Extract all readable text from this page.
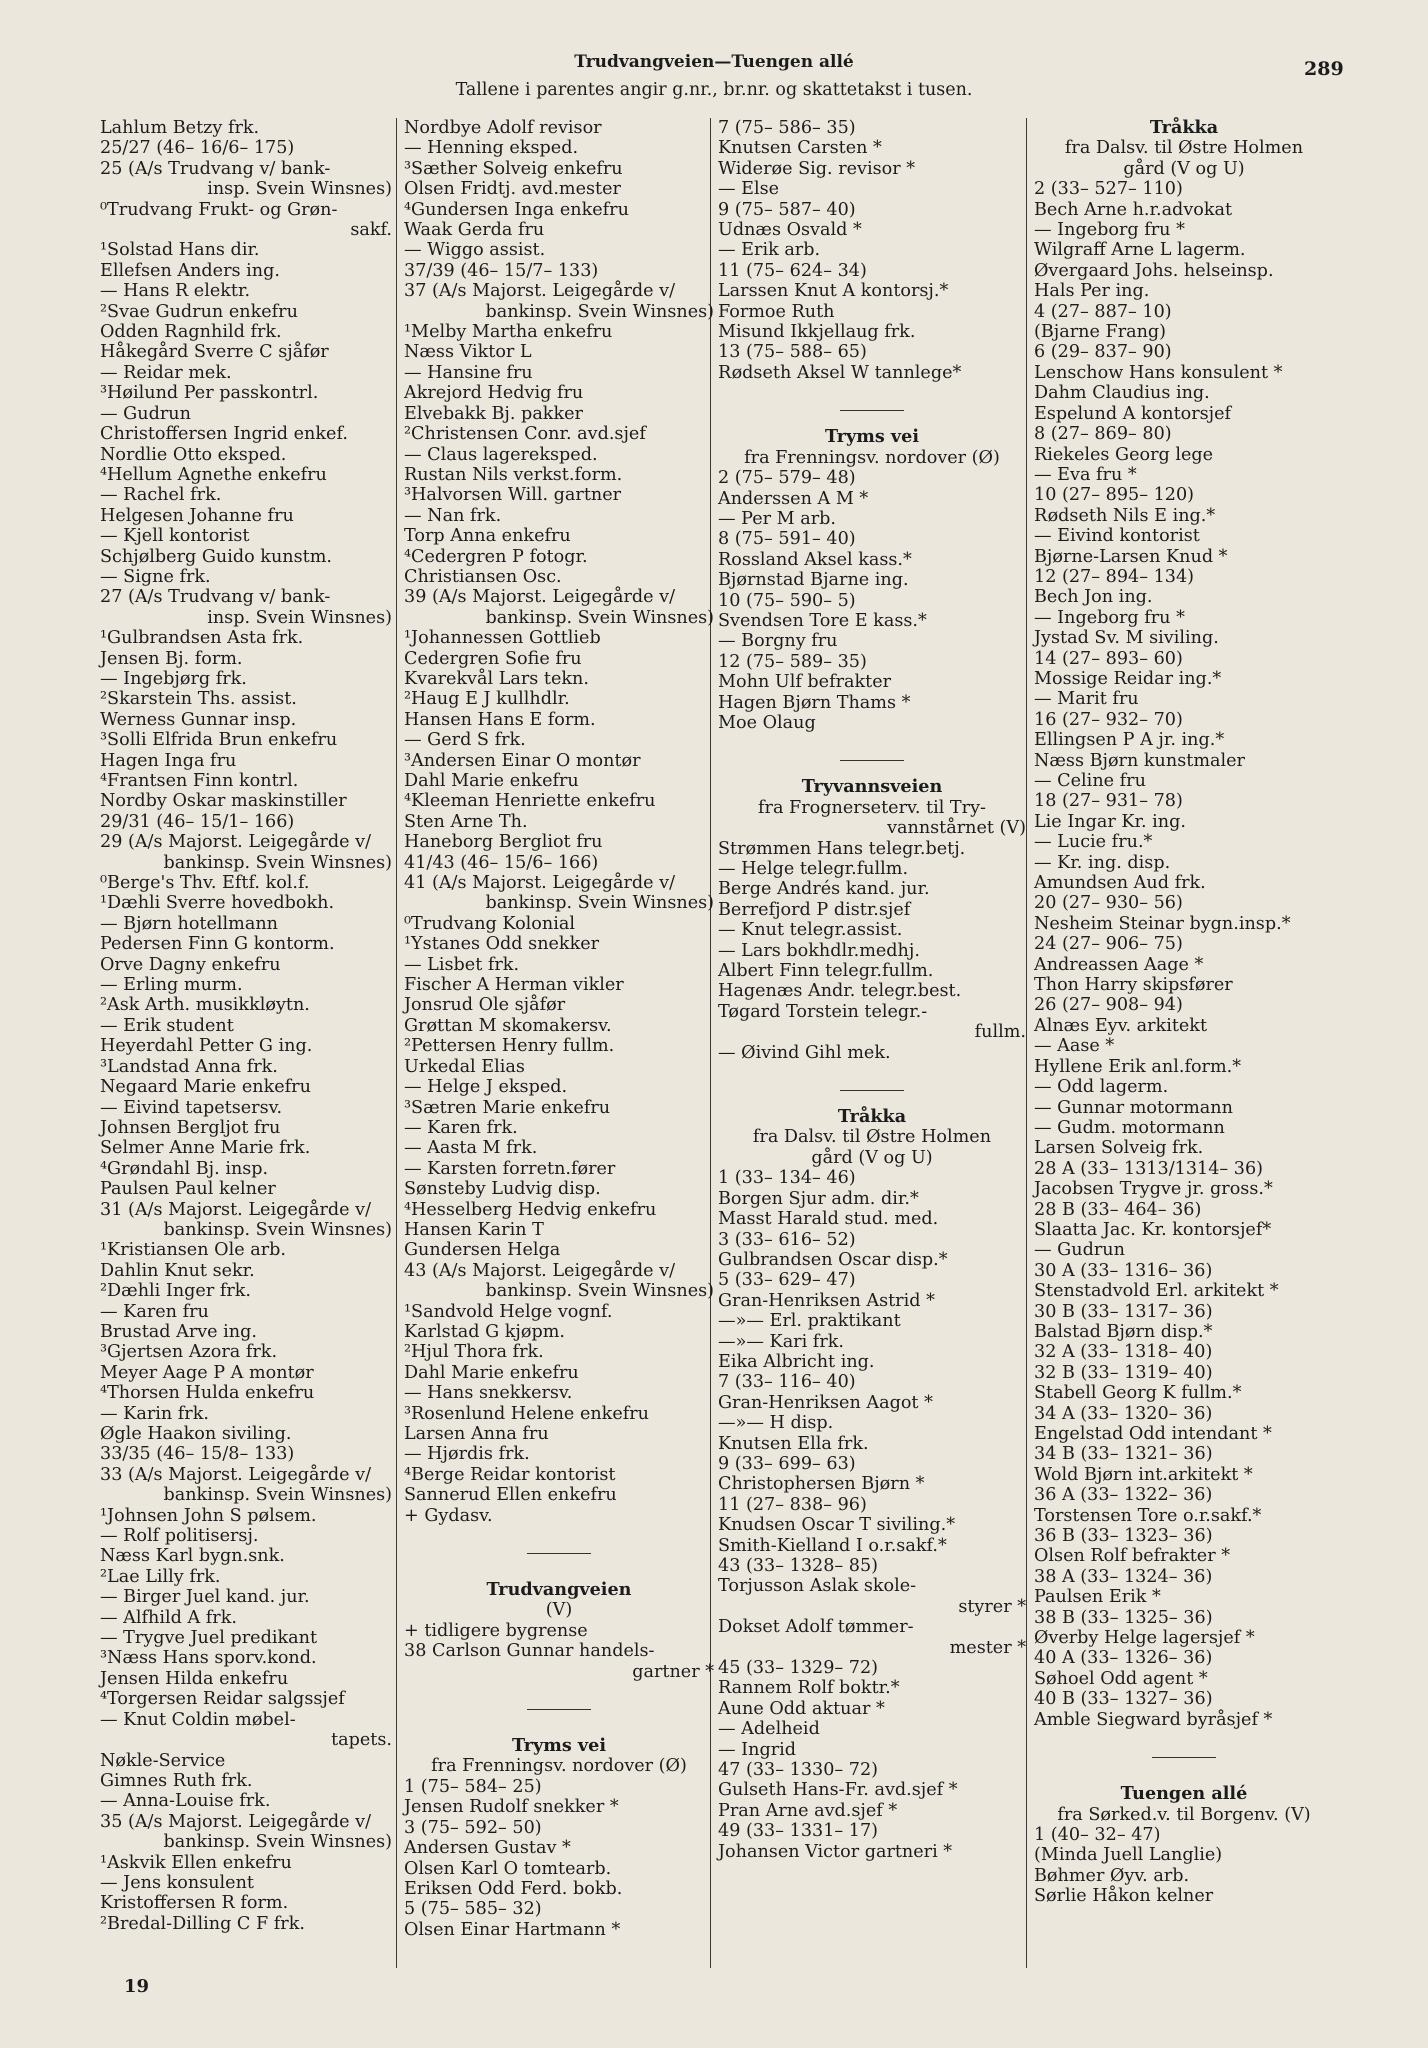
Trudvangveien—Tuengen allé
Tallene i parentes angir g.nr., br.nr. og skattetakst i tusen.
289
Lahlum Betzy frk.
25/27 (46– 16/6– 175)
25 (A/s Trudvang v/ bank-
insp. Svein Winsnes)
⁰Trudvang Frukt- og Grøn-
sakf.
¹Solstad Hans dir.
Ellefsen Anders ing.
— Hans R elektr.
²Svae Gudrun enkefru
Odden Ragnhild frk.
Håkegård Sverre C sjåfør
— Reidar mek.
³Høilund Per passkontrl.
— Gudrun
Christoffersen Ingrid enkef.
Nordlie Otto eksped.
⁴Hellum Agnethe enkefru
— Rachel frk.
Helgesen Johanne fru
— Kjell kontorist
Schjølberg Guido kunstm.
— Signe frk.
27 (A/s Trudvang v/ bank-
insp. Svein Winsnes)
¹Gulbrandsen Asta frk.
Jensen Bj. form.
— Ingebjørg frk.
²Skarstein Ths. assist.
Werness Gunnar insp.
³Solli Elfrida Brun enkefru
Hagen Inga fru
⁴Frantsen Finn kontrl.
Nordby Oskar maskinstiller
29/31 (46– 15/1– 166)
29 (A/s Majorst. Leigegårde v/
bankinsp. Svein Winsnes)
⁰Berge's Thv. Eftf. kol.f.
¹Dæhli Sverre hovedbokh.
— Bjørn hotellmann
Pedersen Finn G kontorm.
Orve Dagny enkefru
— Erling murm.
²Ask Arth. musikkløytn.
— Erik student
Heyerdahl Petter G ing.
³Landstad Anna frk.
Negaard Marie enkefru
— Eivind tapetsersv.
Johnsen Bergljot fru
Selmer Anne Marie frk.
⁴Grøndahl Bj. insp.
Paulsen Paul kelner
31 (A/s Majorst. Leigegårde v/
bankinsp. Svein Winsnes)
¹Kristiansen Ole arb.
Dahlin Knut sekr.
²Dæhli Inger frk.
— Karen fru
Brustad Arve ing.
³Gjertsen Azora frk.
Meyer Aage P A montør
⁴Thorsen Hulda enkefru
— Karin frk.
Øgle Haakon siviling.
33/35 (46– 15/8– 133)
33 (A/s Majorst. Leigegårde v/
bankinsp. Svein Winsnes)
¹Johnsen John S pølsem.
— Rolf politisersj.
Næss Karl bygn.snk.
²Lae Lilly frk.
— Birger Juel kand. jur.
— Alfhild A frk.
— Trygve Juel predikant
³Næss Hans sporv.kond.
Jensen Hilda enkefru
⁴Torgersen Reidar salgssjef
— Knut Coldin møbel-
tapets.
Nøkle-Service
Gimnes Ruth frk.
— Anna-Louise frk.
35 (A/s Majorst. Leigegårde v/
bankinsp. Svein Winsnes)
¹Askvik Ellen enkefru
— Jens konsulent
Kristoffersen R form.
²Bredal-Dilling C F frk.
Nordbye Adolf revisor
— Henning eksped.
³Sæther Solveig enkefru
Olsen Fridtj. avd.mester
⁴Gundersen Inga enkefru
Waak Gerda fru
— Wiggo assist.
37/39 (46– 15/7– 133)
37 (A/s Majorst. Leigegårde v/
bankinsp. Svein Winsnes)
¹Melby Martha enkefru
Næss Viktor L
— Hansine fru
Akrejord Hedvig fru
Elvebakk Bj. pakker
²Christensen Conr. avd.sjef
— Claus lagereksped.
Rustan Nils verkst.form.
³Halvorsen Will. gartner
— Nan frk.
Torp Anna enkefru
⁴Cedergren P fotogr.
Christiansen Osc.
39 (A/s Majorst. Leigegårde v/
bankinsp. Svein Winsnes)
¹Johannessen Gottlieb
Cedergren Sofie fru
Kvarekvål Lars tekn.
²Haug E J kullhdlr.
Hansen Hans E form.
— Gerd S frk.
³Andersen Einar O montør
Dahl Marie enkefru
⁴Kleeman Henriette enkefru
Sten Arne Th.
Haneborg Bergliot fru
41/43 (46– 15/6– 166)
41 (A/s Majorst. Leigegårde v/
bankinsp. Svein Winsnes)
⁰Trudvang Kolonial
¹Ystanes Odd snekker
— Lisbet frk.
Fischer A Herman vikler
Jonsrud Ole sjåfør
Grøttan M skomakersv.
²Pettersen Henry fullm.
Urkedal Elias
— Helge J eksped.
³Sætren Marie enkefru
— Karen frk.
— Aasta M frk.
— Karsten forretn.fører
Sønsteby Ludvig disp.
⁴Hesselberg Hedvig enkefru
Hansen Karin T
Gundersen Helga
43 (A/s Majorst. Leigegårde v/
bankinsp. Svein Winsnes)
¹Sandvold Helge vognf.
Karlstad G kjøpm.
²Hjul Thora frk.
Dahl Marie enkefru
— Hans snekkersv.
³Rosenlund Helene enkefru
Larsen Anna fru
— Hjørdis frk.
⁴Berge Reidar kontorist
Sannerud Ellen enkefru
+ Gydasv.
Trudvangveien
(V)
+ tidligere bygrense
38 Carlson Gunnar handels-
gartner *
Tryms vei
fra Frenningsv. nordover (Ø)
1 (75– 584– 25)
Jensen Rudolf snekker *
3 (75– 592– 50)
Andersen Gustav *
Olsen Karl O tomtearb.
Eriksen Odd Ferd. bokb.
5 (75– 585– 32)
Olsen Einar Hartmann *
7 (75– 586– 35)
Knutsen Carsten *
Widerøe Sig. revisor *
— Else
9 (75– 587– 40)
Udnæs Osvald *
— Erik arb.
11 (75– 624– 34)
Larssen Knut A kontorsj.*
Formoe Ruth
Misund Ikkjellaug frk.
13 (75– 588– 65)
Rødseth Aksel W tannlege*
Tryms vei
fra Frenningsv. nordover (Ø)
2 (75– 579– 48)
Anderssen A M *
— Per M arb.
8 (75– 591– 40)
Rossland Aksel kass.*
Bjørnstad Bjarne ing.
10 (75– 590– 5)
Svendsen Tore E kass.*
— Borgny fru
12 (75– 589– 35)
Mohn Ulf befrakter
Hagen Bjørn Thams *
Moe Olaug
Tryvannsveien
fra Frognerseterv. til Try-
vannstårnet (V)
Strømmen Hans telegr.betj.
— Helge telegr.fullm.
Berge Andrés kand. jur.
Berrefjord P distr.sjef
— Knut telegr.assist.
— Lars bokhdlr.medhj.
Albert Finn telegr.fullm.
Hagenæs Andr. telegr.best.
Tøgard Torstein telegr.-
fullm.
— Øivind Gihl mek.
Tråkka
fra Dalsv. til Østre Holmen
gård (V og U)
1 (33– 134– 46)
Borgen Sjur adm. dir.*
Masst Harald stud. med.
3 (33– 616– 52)
Gulbrandsen Oscar disp.*
5 (33– 629– 47)
Gran-Henriksen Astrid *
—»— Erl. praktikant
—»— Kari frk.
Eika Albricht ing.
7 (33– 116– 40)
Gran-Henriksen Aagot *
—»— H disp.
Knutsen Ella frk.
9 (33– 699– 63)
Christophersen Bjørn *
11 (27– 838– 96)
Knudsen Oscar T siviling.*
Smith-Kielland I o.r.sakf.*
43 (33– 1328– 85)
Torjusson Aslak skole-
styrer *
Dokset Adolf tømmer-
mester *
45 (33– 1329– 72)
Rannem Rolf boktr.*
Aune Odd aktuar *
— Adelheid
— Ingrid
47 (33– 1330– 72)
Gulseth Hans-Fr. avd.sjef *
Pran Arne avd.sjef *
49 (33– 1331– 17)
Johansen Victor gartneri *
Tråkka
fra Dalsv. til Østre Holmen
gård (V og U)
2 (33– 527– 110)
Bech Arne h.r.advokat
— Ingeborg fru *
Wilgraff Arne L lagerm.
Øvergaard Johs. helseinsp.
Hals Per ing.
4 (27– 887– 10)
(Bjarne Frang)
6 (29– 837– 90)
Lenschow Hans konsulent *
Dahm Claudius ing.
Espelund A kontorsjef
8 (27– 869– 80)
Riekeles Georg lege
— Eva fru *
10 (27– 895– 120)
Rødseth Nils E ing.*
— Eivind kontorist
Bjørne-Larsen Knud *
12 (27– 894– 134)
Bech Jon ing.
— Ingeborg fru *
Jystad Sv. M siviling.
14 (27– 893– 60)
Mossige Reidar ing.*
— Marit fru
16 (27– 932– 70)
Ellingsen P A jr. ing.*
Næss Bjørn kunstmaler
— Celine fru
18 (27– 931– 78)
Lie Ingar Kr. ing.
— Lucie fru.*
— Kr. ing. disp.
Amundsen Aud frk.
20 (27– 930– 56)
Nesheim Steinar bygn.insp.*
24 (27– 906– 75)
Andreassen Aage *
Thon Harry skipsfører
26 (27– 908– 94)
Alnæs Eyv. arkitekt
— Aase *
Hyllene Erik anl.form.*
— Odd lagerm.
— Gunnar motormann
— Gudm. motormann
Larsen Solveig frk.
28 A (33– 1313/1314– 36)
Jacobsen Trygve jr. gross.*
28 B (33– 464– 36)
Slaatta Jac. Kr. kontorsjef*
— Gudrun
30 A (33– 1316– 36)
Stenstadvold Erl. arkitekt *
30 B (33– 1317– 36)
Balstad Bjørn disp.*
32 A (33– 1318– 40)
32 B (33– 1319– 40)
Stabell Georg K fullm.*
34 A (33– 1320– 36)
Engelstad Odd intendant *
34 B (33– 1321– 36)
Wold Bjørn int.arkitekt *
36 A (33– 1322– 36)
Torstensen Tore o.r.sakf.*
36 B (33– 1323– 36)
Olsen Rolf befrakter *
38 A (33– 1324– 36)
Paulsen Erik *
38 B (33– 1325– 36)
Øverby Helge lagersjef *
40 A (33– 1326– 36)
Søhoel Odd agent *
40 B (33– 1327– 36)
Amble Siegward byråsjef *
Tuengen allé
fra Sørked.v. til Borgenv. (V)
1 (40– 32– 47)
(Minda Juell Langlie)
Bøhmer Øyv. arb.
Sørlie Håkon kelner
19
